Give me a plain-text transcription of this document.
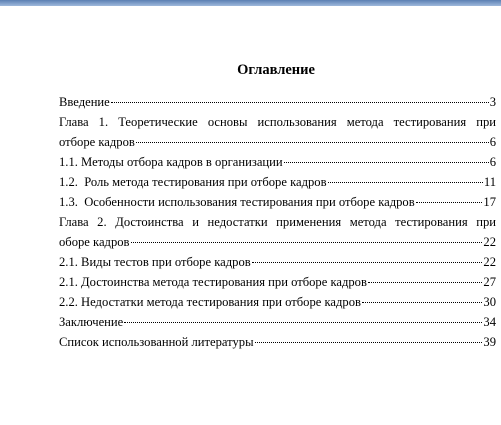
Оглавление
Введение	3
Глава 1. Теоретические основы использования метода тестирования при
отборе кадров	6
1.1. Методы отбора кадров в организации	6
1.2.  Роль метода тестирования при отборе кадров	11
1.3.  Особенности использования тестирования при отборе кадров	17
Глава 2. Достоинства и недостатки применения метода тестирования при
оборе кадров	22
2.1. Виды тестов при отборе кадров	22
2.1. Достоинства метода тестирования при отборе кадров	27
2.2. Недостатки метода тестирования при отборе кадров	30
Заключение	34
Список использованной литературы	39
